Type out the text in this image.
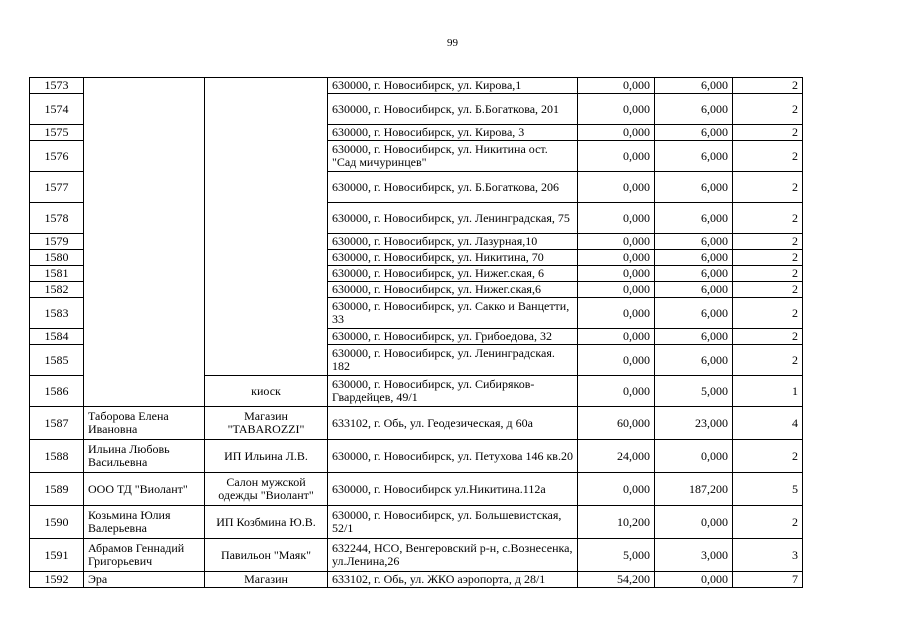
99
1573			630000, г. Новосибирск, ул. Кирова,1	0,000	6,000	2
1574			630000, г. Новосибирск, ул. Б.Богаткова, 201	0,000	6,000	2
1575			630000, г. Новосибирск, ул. Кирова, 3	0,000	6,000	2
1576			630000, г. Новосибирск, ул. Никитина ост. "Сад мичуринцев"	0,000	6,000	2
1577			630000, г. Новосибирск, ул. Б.Богаткова, 206	0,000	6,000	2
1578			630000, г. Новосибирск, ул. Ленинградская, 75	0,000	6,000	2
1579			630000, г. Новосибирск, ул. Лазурная,10	0,000	6,000	2
1580			630000, г. Новосибирск, ул. Никитина, 70	0,000	6,000	2
1581			630000, г. Новосибирск, ул. Нижег.ская, 6	0,000	6,000	2
1582			630000, г. Новосибирск, ул. Нижег.ская,6	0,000	6,000	2
1583			630000, г. Новосибирск, ул. Сакко и Ванцетти, 33	0,000	6,000	2
1584			630000, г. Новосибирск, ул. Грибоедова, 32	0,000	6,000	2
1585			630000, г. Новосибирск, ул. Ленинградская. 182	0,000	6,000	2
1586		киоск	630000, г. Новосибирск, ул. Сибиряков-Гвардейцев, 49/1	0,000	5,000	1
1587	Таборова Елена Ивановна	Магазин "TABAROZZI"	633102, г. Обь, ул. Геодезическая, д 60а	60,000	23,000	4
1588	Ильина Любовь Васильевна	ИП Ильина Л.В.	630000, г. Новосибирск, ул. Петухова 146 кв.20	24,000	0,000	2
1589	ООО ТД "Виолант"	Салон мужской одежды "Виолант"	630000, г. Новосибирск ул.Никитина.112а	0,000	187,200	5
1590	Козьмина Юлия Валерьевна	ИП Козбмина Ю.В.	630000, г. Новосибирск, ул. Большевистская, 52/1	10,200	0,000	2
1591	Абрамов Геннадий Григорьевич	Павильон "Маяк"	632244, НСО, Венгеровский р-н, с.Вознесенка, ул.Ленина,26	5,000	3,000	3
1592	Эра	Магазин	633102, г. Обь, ул. ЖКО аэропорта, д 28/1	54,200	0,000	7
